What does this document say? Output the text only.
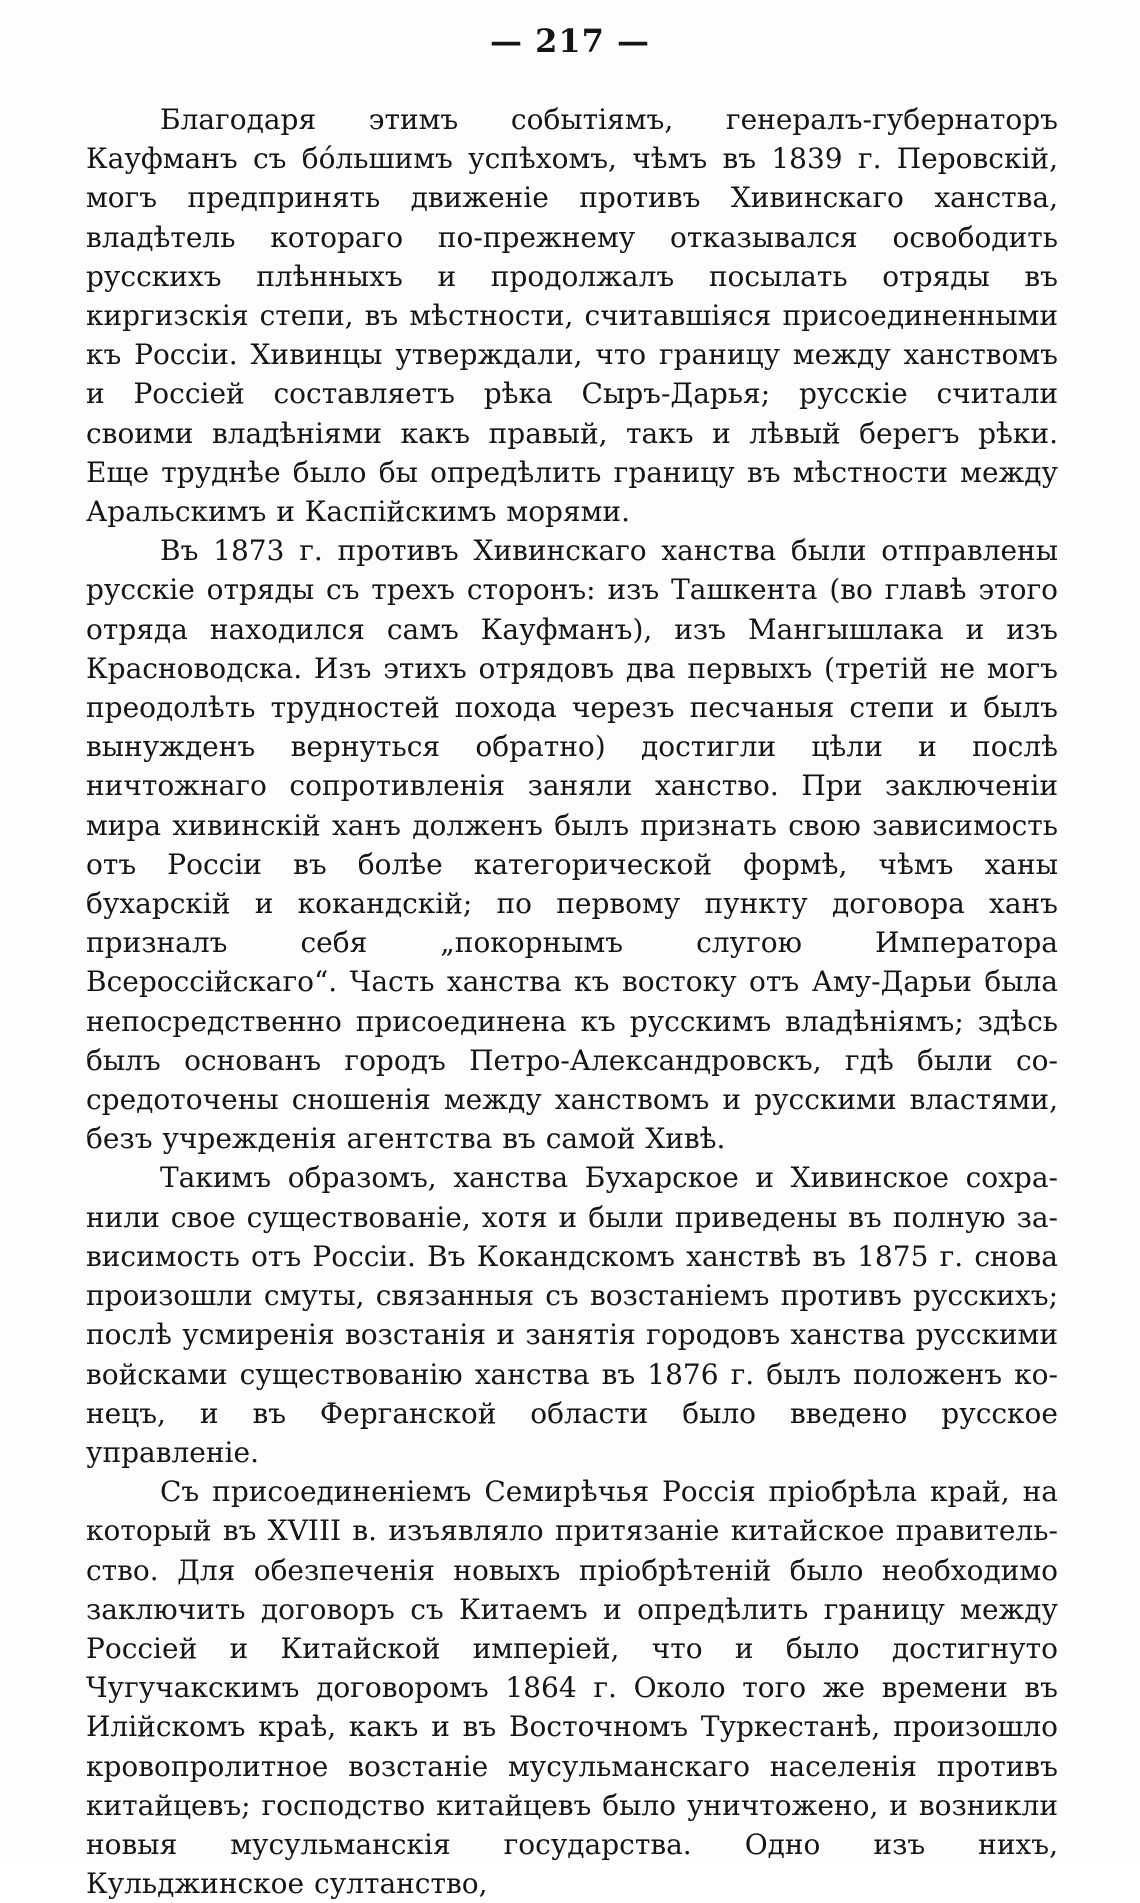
— 217 —

Благодаря этимъ событіямъ, генералъ-губернаторъ Кауфманъ съ бо́льшимъ успѣхомъ, чѣмъ въ 1839 г. Перовскій, могъ предпринять движеніе противъ Хивинскаго ханства, владѣтель котораго по-прежнему отказывался освободить русскихъ плѣнныхъ и продолжалъ посылать отряды въ киргизскія степи, въ мѣстности, считавшіяся присоединенными къ Россіи. Хивинцы утверждали, что границу между ханствомъ и Россіей составляетъ рѣка Сыръ-Дарья; русскіе считали своими владѣніями какъ правый, такъ и лѣвый берегъ рѣки. Еще труднѣе было бы опредѣлить границу въ мѣстности между Аральскимъ и Каспійскимъ морями.

Въ 1873 г. противъ Хивинскаго ханства были отправлены русскіе отряды съ трехъ сторонъ: изъ Ташкента (во главѣ этого отряда находился самъ Кауфманъ), изъ Мангышлака и изъ Красноводска. Изъ этихъ отрядовъ два первыхъ (третій не могъ преодолѣть трудностей похода черезъ песчаныя степи и былъ вынужденъ вернуться обратно) достигли цѣли и послѣ ничтожнаго сопротивленія заняли ханство. При заключеніи мира хивинскій ханъ долженъ былъ признать свою зависимость отъ Россіи въ болѣе категорической формѣ, чѣмъ ханы бухарскій и кокандскій; по первому пункту договора ханъ призналъ себя „покорнымъ слугою Императора Всероссійскаго“. Часть ханства къ востоку отъ Аму-Дарьи была непосредственно присоединена къ русскимъ владѣніямъ; здѣсь былъ основанъ городъ Петро-Александровскъ, гдѣ были сосредоточены сношенія между ханствомъ и русскими властями, безъ учрежденія агентства въ самой Хивѣ.

Такимъ образомъ, ханства Бухарское и Хивинское сохранили свое существованіе, хотя и были приведены въ полную зависимость отъ Россіи. Въ Кокандскомъ ханствѣ въ 1875 г. снова произошли смуты, связанныя съ возстаніемъ противъ русскихъ; послѣ усмиренія возстанія и занятія городовъ ханства русскими войсками существованію ханства въ 1876 г. былъ положенъ конецъ, и въ Ферганской области было введено русское управленіе.

Съ присоединеніемъ Семирѣчья Россія пріобрѣла край, на который въ XVIII в. изъявляло притязаніе китайское правительство. Для обезпеченія новыхъ пріобрѣтеній было необходимо заключить договоръ съ Китаемъ и опредѣлить границу между Россіей и Китайской имперіей, что и было достигнуто Чугучакскимъ договоромъ 1864 г. Около того же времени въ Илійскомъ краѣ, какъ и въ Восточномъ Туркестанѣ, произошло кровопролитное возстаніе мусульманскаго населенія противъ китайцевъ; господство китайцевъ было уничтожено, и возникли новыя мусульманскія государства. Одно изъ нихъ, Кульджинское султанство,
